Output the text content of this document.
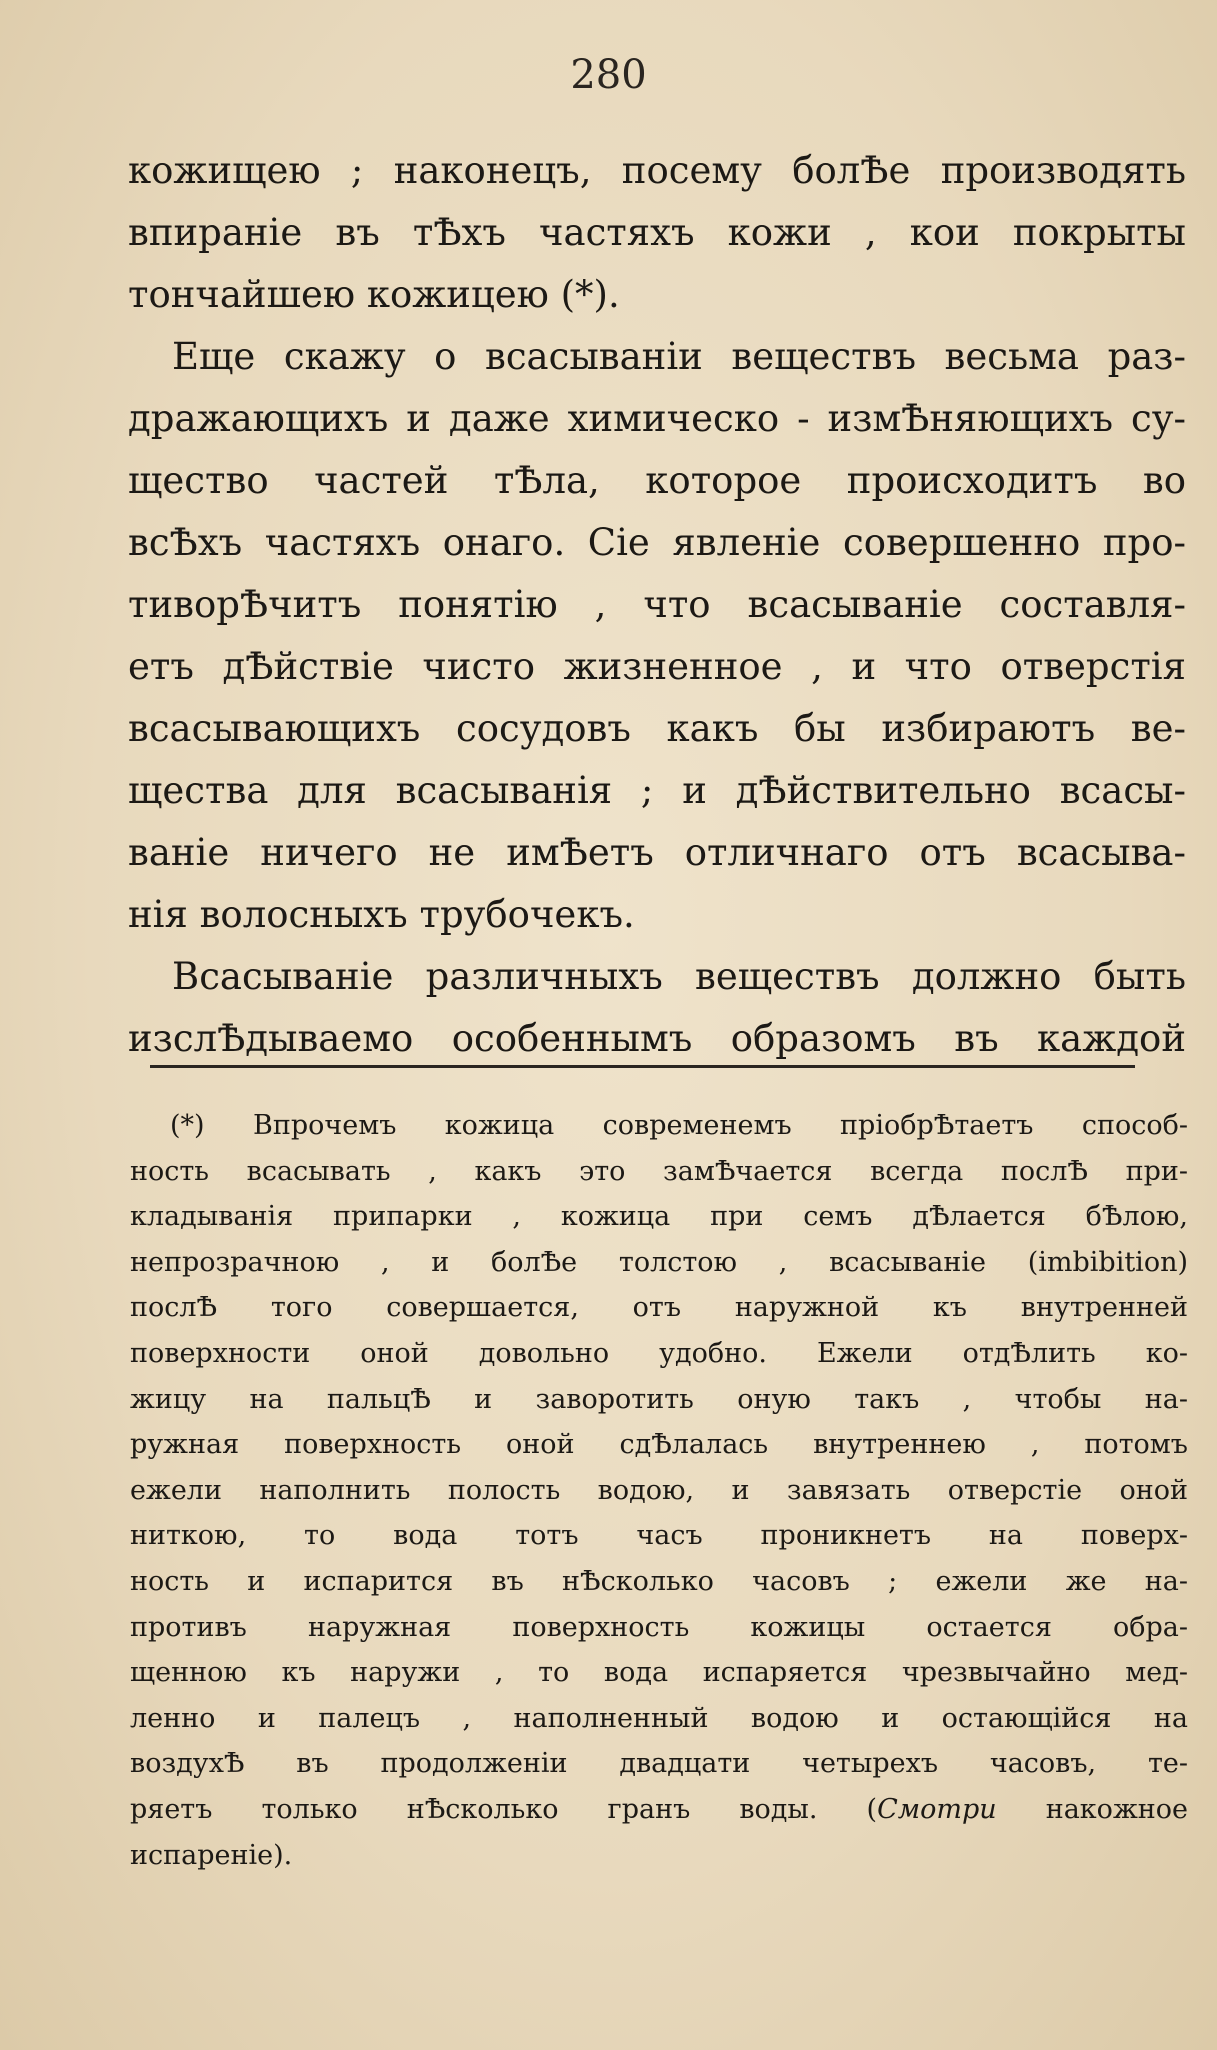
280
кожищею ; наконецъ, посему болѢе производять
впиранiе въ тѢхъ частяхъ кожи , кои покрыты
тончайшею кожицею (*).
Еще скажу о всасыванiи веществъ весьма раз-
дражающихъ и даже химическо - измѢняющихъ су-
щество частей тѢла, которое происходитъ во
всѢхъ частяхъ онаго. Сiе явленiе совершенно про-
тиворѢчитъ понятiю , что всасыванiе составля-
етъ дѢйствiе чисто жизненное , и что отверстiя
всасывающихъ сосудовъ какъ бы избираютъ ве-
щества для всасыванiя ; и дѢйствительно всасы-
ванiе ничего не имѢетъ отличнаго отъ всасыва-
нiя волосныхъ трубочекъ.
Всасыванiе различныхъ веществъ должно быть
изслѢдываемо особеннымъ образомъ въ каждой
(*) Впрочемъ кожица современемъ прiобрѢтаетъ способ-
ность всасывать , какъ это замѢчается всегда послѢ при-
кладыванiя припарки , кожица при семъ дѢлается бѢлою,
непрозрачною , и болѢе толстою , всасыванiе (imbibition)
послѢ того совершается, отъ наружной къ внутренней
поверхности оной довольно удобно. Ежели отдѢлить ко-
жицу на пальцѢ и заворотить оную такъ , чтобы на-
ружная поверхность оной сдѢлалась внутреннею , потомъ
ежели наполнить полость водою, и завязать отверстiе оной
ниткою, то вода тотъ часъ проникнетъ на поверх-
ность и испарится въ нѢсколько часовъ ; ежели же на-
противъ наружная поверхность кожицы остается обра-
щенною къ наружи , то вода испаряется чрезвычайно мед-
ленно и палецъ , наполненный водою и остающiйся на
воздухѢ въ продолженiи двадцати четырехъ часовъ, те-
ряетъ только нѢсколько гранъ воды. (Смотри накожное
испаренiе).
